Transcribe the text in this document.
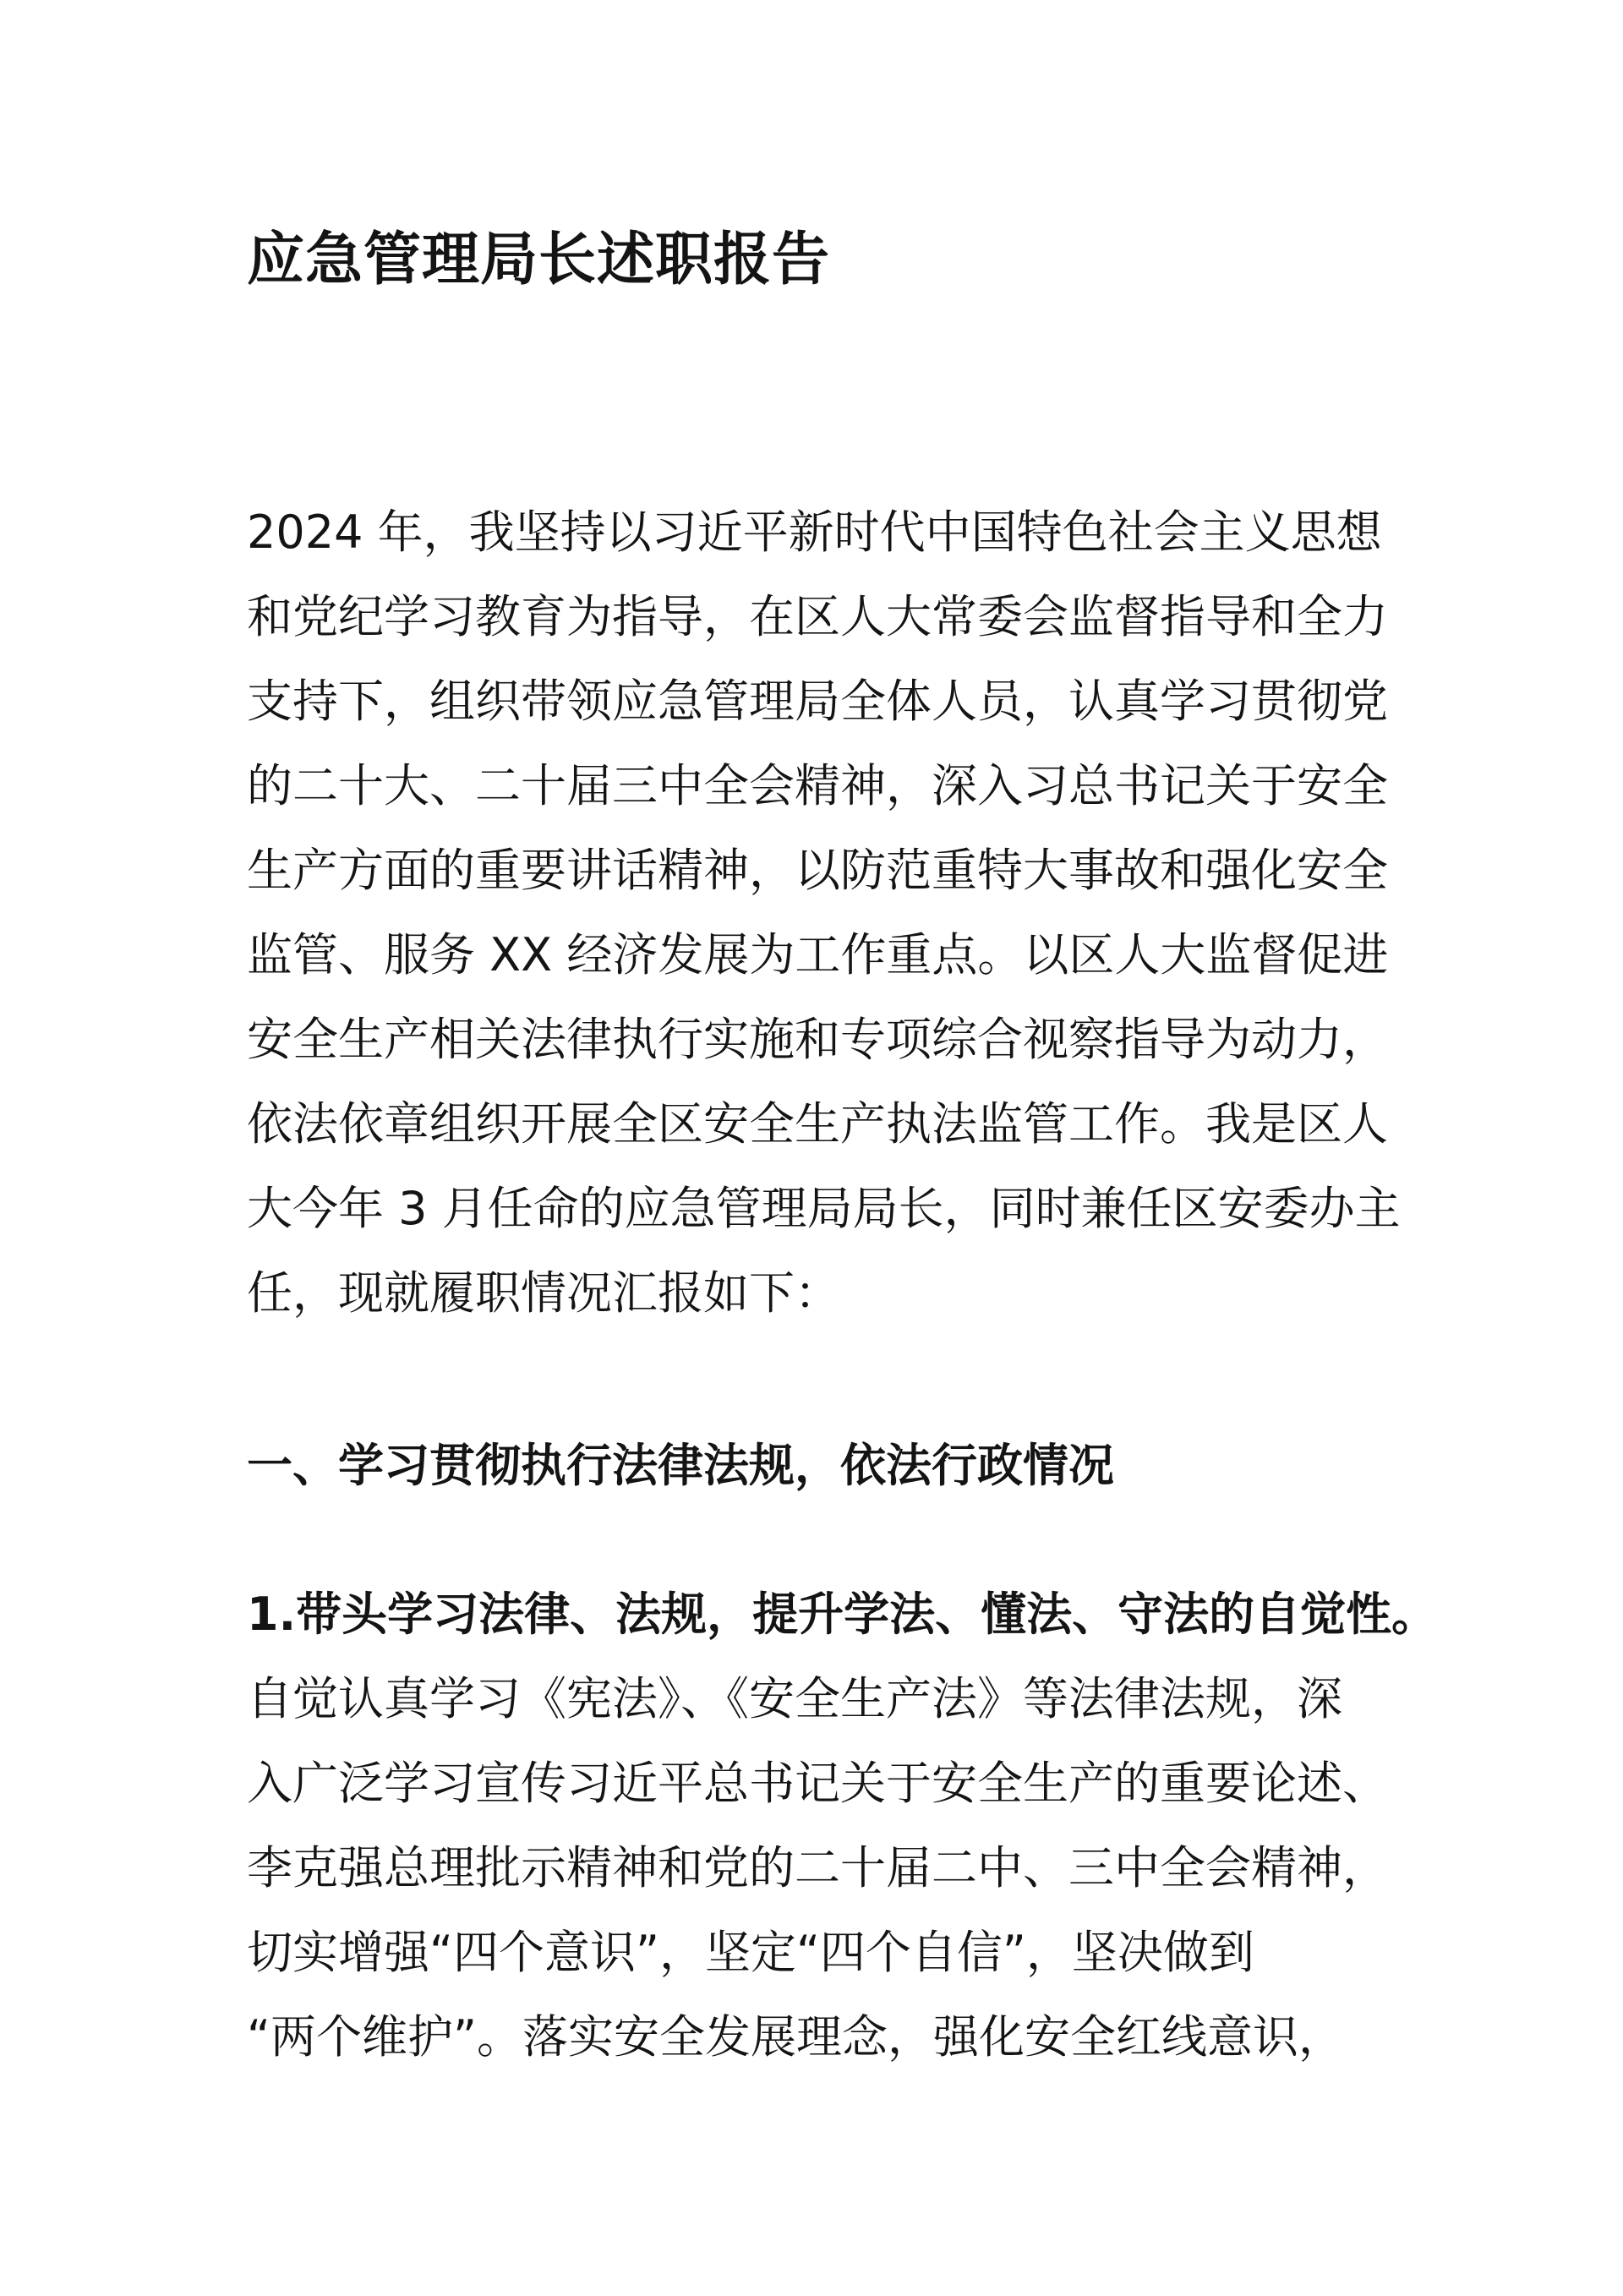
应急管理局长述职报告
2024 年，我坚持以习近平新时代中国特色社会主义思想
和党纪学习教育为指导，在区人大常委会监督指导和全力
支持下，组织带领应急管理局全体人员，认真学习贯彻党
的二十大、二十届三中全会精神，深入习总书记关于安全
生产方面的重要讲话精神，以防范重特大事故和强化安全
监管、服务 XX 经济发展为工作重点。以区人大监督促进
安全生产相关法律执行实施和专项综合视察指导为动力，
依法依章组织开展全区安全生产执法监管工作。我是区人
大今年 3 月任命的应急管理局局长，同时兼任区安委办主
任，现就履职情况汇报如下：
一、学习贯彻执行法律法规，依法行政情况
1.带头学习法律、法规，提升学法、懂法、守法的自觉性。
自觉认真学习《宪法》、《安全生产法》等法律法规，深
入广泛学习宣传习近平总书记关于安全生产的重要论述、
李克强总理批示精神和党的二十届二中、三中全会精神，
切实增强“四个意识”，坚定“四个自信”，坚决做到
“两个维护”。落实安全发展理念，强化安全红线意识，
